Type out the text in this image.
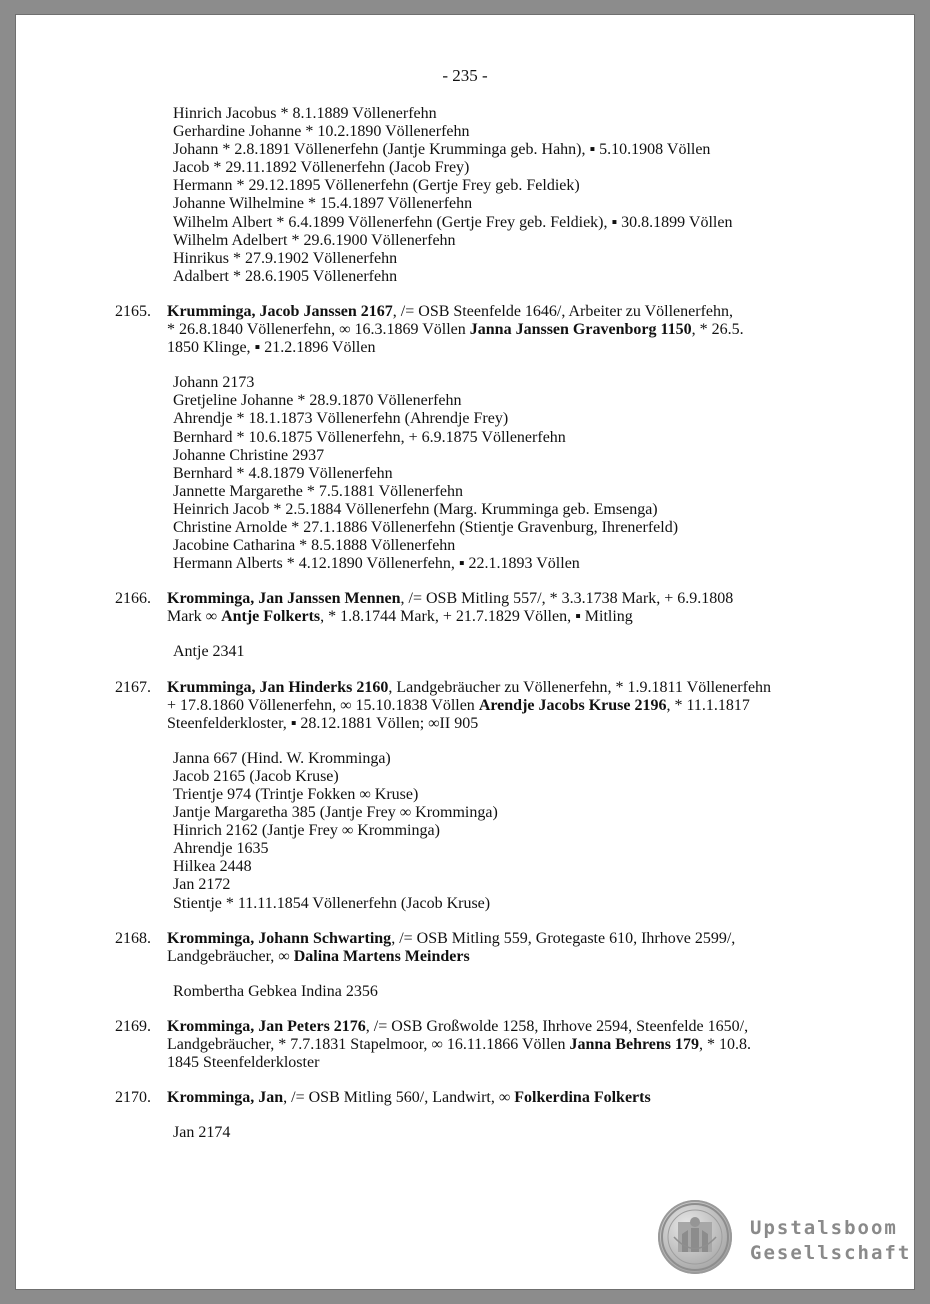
- 235 -
Hinrich Jacobus * 8.1.1889 Völlenerfehn
Gerhardine Johanne * 10.2.1890 Völlenerfehn
Johann * 2.8.1891 Völlenerfehn (Jantje Krumminga geb. Hahn), ▪ 5.10.1908 Völlen
Jacob * 29.11.1892 Völlenerfehn (Jacob Frey)
Hermann * 29.12.1895 Völlenerfehn (Gertje Frey geb. Feldiek)
Johanne Wilhelmine * 15.4.1897 Völlenerfehn
Wilhelm Albert * 6.4.1899 Völlenerfehn (Gertje Frey geb. Feldiek), ▪ 30.8.1899 Völlen
Wilhelm Adelbert * 29.6.1900 Völlenerfehn
Hinrikus * 27.9.1902 Völlenerfehn
Adalbert * 28.6.1905 Völlenerfehn
2165.	Krumminga, Jacob Janssen 2167, /= OSB Steenfelde 1646/, Arbeiter zu Völlenerfehn,
* 26.8.1840 Völlenerfehn, ∞ 16.3.1869 Völlen Janna Janssen Gravenborg 1150, * 26.5.
1850 Klinge, ▪ 21.2.1896 Völlen
Johann 2173
Gretjeline Johanne * 28.9.1870 Völlenerfehn
Ahrendje * 18.1.1873 Völlenerfehn (Ahrendje Frey)
Bernhard * 10.6.1875 Völlenerfehn, + 6.9.1875 Völlenerfehn
Johanne Christine 2937
Bernhard * 4.8.1879 Völlenerfehn
Jannette Margarethe * 7.5.1881 Völlenerfehn
Heinrich Jacob * 2.5.1884 Völlenerfehn (Marg. Krumminga geb. Emsenga)
Christine Arnolde * 27.1.1886 Völlenerfehn (Stientje Gravenburg, Ihrenerfeld)
Jacobine Catharina * 8.5.1888 Völlenerfehn
Hermann Alberts * 4.12.1890 Völlenerfehn, ▪ 22.1.1893 Völlen
2166.	Kromminga, Jan Janssen Mennen, /= OSB Mitling 557/, * 3.3.1738 Mark, + 6.9.1808
Mark ∞ Antje Folkerts, * 1.8.1744 Mark, + 21.7.1829 Völlen, ▪ Mitling
Antje 2341
2167.	Krumminga, Jan Hinderks 2160, Landgebräucher zu Völlenerfehn, * 1.9.1811 Völlenerfehn
+ 17.8.1860 Völlenerfehn, ∞ 15.10.1838 Völlen Arendje Jacobs Kruse 2196, * 11.1.1817
Steenfelderkloster, ▪ 28.12.1881 Völlen; ∞II 905
Janna 667 (Hind. W. Kromminga)
Jacob 2165 (Jacob Kruse)
Trientje 974 (Trintje Fokken ∞ Kruse)
Jantje Margaretha 385 (Jantje Frey ∞ Kromminga)
Hinrich 2162 (Jantje Frey ∞ Kromminga)
Ahrendje 1635
Hilkea 2448
Jan 2172
Stientje * 11.11.1854 Völlenerfehn (Jacob Kruse)
2168.	Kromminga, Johann Schwarting, /= OSB Mitling 559, Grotegaste 610, Ihrhove 2599/,
Landgebräucher, ∞ Dalina Martens Meinders
Rombertha Gebkea Indina 2356
2169.	Kromminga, Jan Peters 2176, /= OSB Großwolde 1258, Ihrhove 2594, Steenfelde 1650/,
Landgebräucher, * 7.7.1831 Stapelmoor, ∞ 16.11.1866 Völlen Janna Behrens 179, * 10.8.
1845 Steenfelderkloster
2170.	Kromminga, Jan, /= OSB Mitling 560/, Landwirt, ∞ Folkerdina Folkerts
Jan 2174
Upstalsboom
Gesellschaft
